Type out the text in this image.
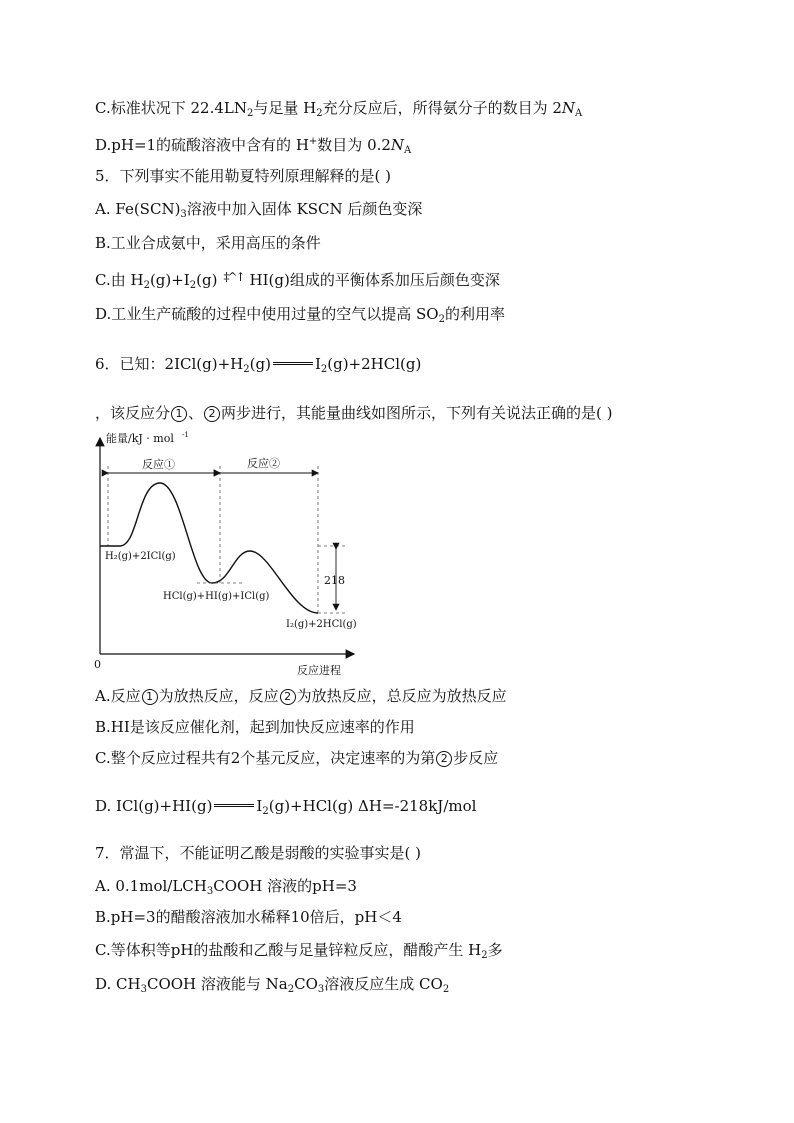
C.标准状况下 $22.4LN_2$与足量 $H_2$充分反应后，所得氨分子的数目为 $2N_A$
D.pH=1的硫酸溶液中含有的 H+数目为 $0.2N_A$
5．下列事实不能用勒夏特列原理解释的是( )
A. $Fe(SCN)_3$溶液中加入固体 KSCN 后颜色变深
B.工业合成氨中，采用高压的条件
C.由 $H_2(g)+I_2(g)$ ‡^↑ HI(g)组成的平衡体系加压后颜色变深
D.工业生产硫酸的过程中使用过量的空气以提高 $SO_2$的利用率
6．已知：$2ICl(g)+H_2(g)$	$I_2(g)+2HCl(g)$
，该反应分 1 、 2 两步进行，其能量曲线如图所示，下列有关说法正确的是( )
能量/kJ · mol -1
0	反应进程
反应①	反应②
218
H₂(g)+2ICl(g)
HCl(g)+HI(g)+ICl(g)
I₂(g)+2HCl(g)
A.反应 1 为放热反应，反应 2 为放热反应，总反应为放热反应
B.HI是该反应催化剂，起到加快反应速率的作用
C.整个反应过程共有2个基元反应，决定速率的为第 2 步反应
D. ICl(g)+HI(g)	$I_2(g)+HCl(g)$ ΔH=-218kJ/mol
7．常温下，不能证明乙酸是弱酸的实验事实是( )
A. $0.1mol/LCH_3COOH$ 溶液的pH=3
B.pH=3的醋酸溶液加水稀释10倍后，pH＜4
C.等体积等pH的盐酸和乙酸与足量锌粒反应，醋酸产生 $H_2$多
D. $CH_3COOH$ 溶液能与 $Na_2CO_3$溶液反应生成 $CO_2$
